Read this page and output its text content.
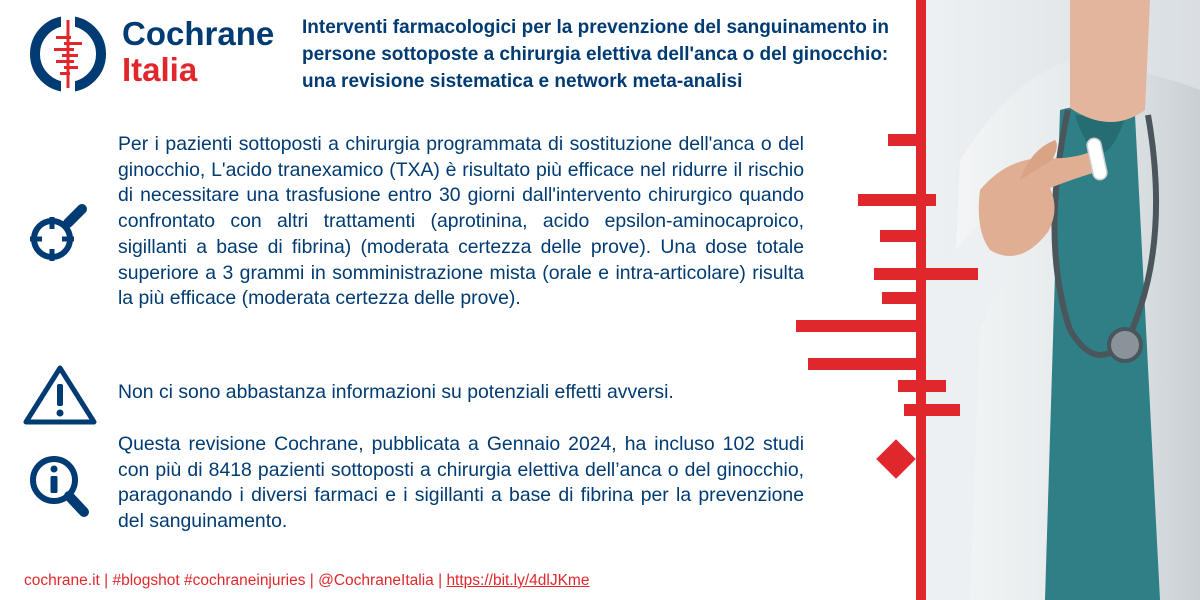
Cochrane
Italia
Interventi farmacologici per la prevenzione del sanguinamento in persone sottoposte a chirurgia elettiva dell'anca o del ginocchio: una revisione sistematica e network meta-analisi

Per i pazienti sottoposti a chirurgia programmata di sostituzione dell'anca o del ginocchio, L'acido tranexamico (TXA) è risultato più efficace nel ridurre il rischio di necessitare una trasfusione entro 30 giorni dall'intervento chirurgico quando confrontato con altri trattamenti (aprotinina, acido epsilon-aminocaproico, sigillanti a base di fibrina) (moderata certezza delle prove). Una dose totale superiore a 3 grammi in somministrazione mista (orale e intra-articolare) risulta la più efficace (moderata certezza delle prove).

Non ci sono abbastanza informazioni su potenziali effetti avversi.

Questa revisione Cochrane, pubblicata a Gennaio 2024, ha incluso 102 studi con più di 8418 pazienti sottoposti a chirurgia elettiva dell’anca o del ginocchio, paragonando i diversi farmaci e i sigillanti a base di fibrina per la prevenzione del sanguinamento.

cochrane.it | #blogshot #cochraneinjuries | @CochraneItalia | https://bit.ly/4dlJKme
